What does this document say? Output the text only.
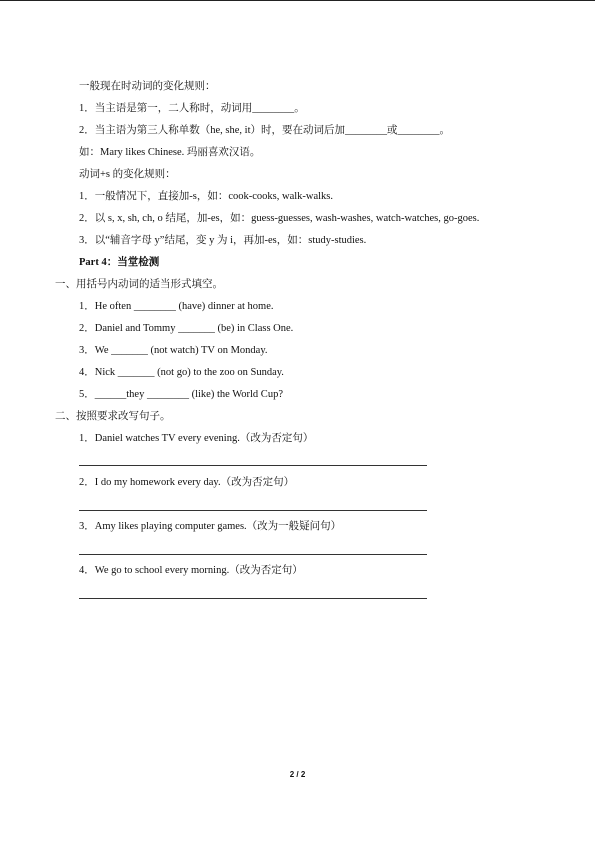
一般现在时动词的变化规则：
1．当主语是第一，二人称时，动词用________。
2．当主语为第三人称单数（he, she, it）时，要在动词后加________或________。
如：Mary likes Chinese. 玛丽喜欢汉语。
动词+s 的变化规则：
1．一般情况下，直接加-s，如：cook-cooks, walk-walks.
2．以 s, x, sh, ch, o 结尾，加-es，如：guess-guesses, wash-washes, watch-watches, go-goes.
3．以“辅音字母 y”结尾，变 y 为 i，再加-es，如：study-studies.
Part 4：当堂检测
一、用括号内动词的适当形式填空。
1．He often ________ (have) dinner at home.
2．Daniel and Tommy _______ (be) in Class One.
3．We _______ (not watch) TV on Monday.
4．Nick _______ (not go) to the zoo on Sunday.
5．______they ________ (like) the World Cup?
二、按照要求改写句子。
1．Daniel watches TV every evening.（改为否定句）
2．I do my homework every day.（改为否定句）
3．Amy likes playing computer games.（改为一般疑问句）
4．We go to school every morning.（改为否定句）
2 / 2
